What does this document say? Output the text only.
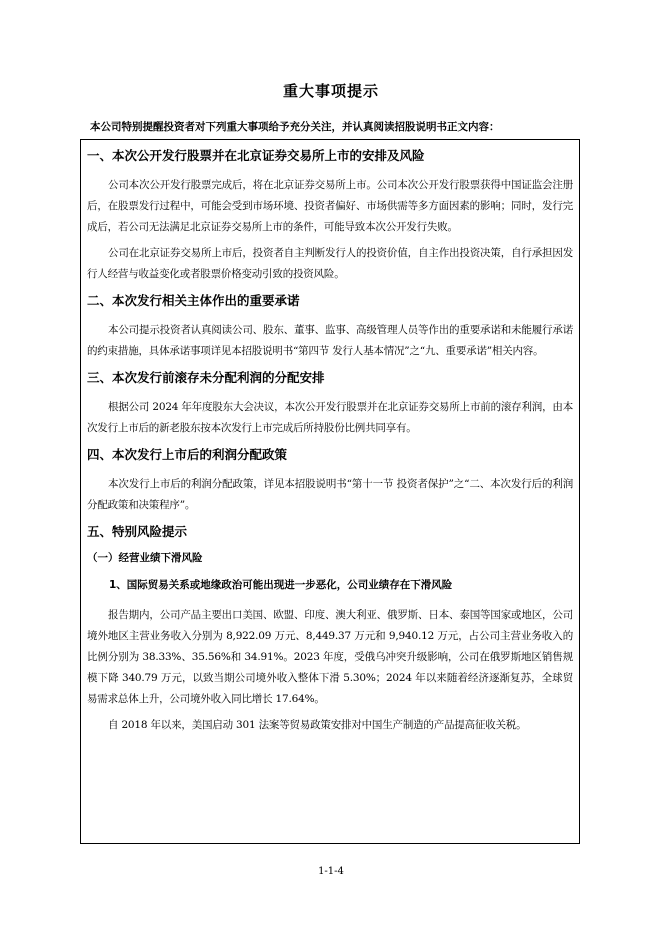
重大事项提示
本公司特别提醒投资者对下列重大事项给予充分关注，并认真阅读招股说明书正文内容：
一、本次公开发行股票并在北京证券交易所上市的安排及风险

公司本次公开发行股票完成后，将在北京证券交易所上市。公司本次公开发行股票获得中国证监会注册后，在股票发行过程中，可能会受到市场环境、投资者偏好、市场供需等多方面因素的影响；同时，发行完成后，若公司无法满足北京证券交易所上市的条件，可能导致本次公开发行失败。

公司在北京证券交易所上市后，投资者自主判断发行人的投资价值，自主作出投资决策，自行承担因发行人经营与收益变化或者股票价格变动引致的投资风险。

二、本次发行相关主体作出的重要承诺

本公司提示投资者认真阅读公司、股东、董事、监事、高级管理人员等作出的重要承诺和未能履行承诺的约束措施，具体承诺事项详见本招股说明书“第四节 发行人基本情况”之“九、重要承诺”相关内容。

三、本次发行前滚存未分配利润的分配安排

根据公司 2024 年年度股东大会决议，本次公开发行股票并在北京证券交易所上市前的滚存利润，由本次发行上市后的新老股东按本次发行上市完成后所持股份比例共同享有。

四、本次发行上市后的利润分配政策

本次发行上市后的利润分配政策，详见本招股说明书“第十一节 投资者保护”之“二、本次发行后的利润分配政策和决策程序”。

五、特别风险提示
（一）经营业绩下滑风险
1、国际贸易关系或地缘政治可能出现进一步恶化，公司业绩存在下滑风险

报告期内，公司产品主要出口美国、欧盟、印度、澳大利亚、俄罗斯、日本、泰国等国家或地区，公司境外地区主营业务收入分别为 8,922.09 万元、8,449.37 万元和 9,940.12 万元，占公司主营业务收入的比例分别为 38.33%、35.56%和 34.91%。2023 年度，受俄乌冲突升级影响，公司在俄罗斯地区销售规模下降 340.79 万元，以致当期公司境外收入整体下滑 5.30%；2024 年以来随着经济逐渐复苏，全球贸易需求总体上升，公司境外收入同比增长 17.64%。

自 2018 年以来，美国启动 301 法案等贸易政策安排对中国生产制造的产品提高征收关税。

1-1-4
